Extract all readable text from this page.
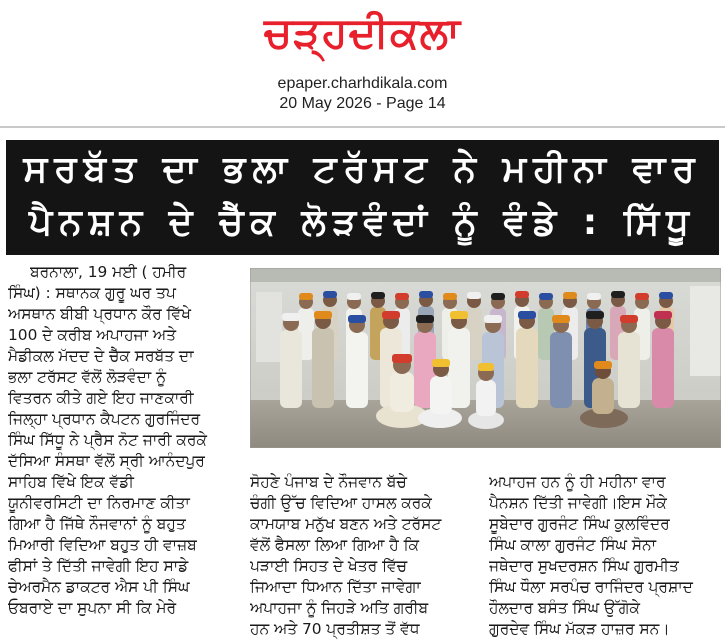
ਚੜ੍ਹਦੀਕਲਾ
epaper.charhdikala.com
20 May 2026 - Page 14
ਸਰਬੱਤ ਦਾ ਭਲਾ ਟਰੱਸਟ ਨੇ ਮਹੀਨਾ ਵਾਰ
ਪੈਨਸ਼ਨ ਦੇ ਚੈੱਕ ਲੋੜਵੰਦਾਂ ਨੂੰ ਵੰਡੇ : ਸਿੱਧੂ
ਬਰਨਾਲਾ, 19 ਮਈ ( ਹਮੀਰ
ਸਿੰਘ) : ਸਥਾਨਕ ਗੁਰੂ ਘਰ ਤਪ
ਅਸਥਾਨ ਬੀਬੀ ਪ੍ਰਧਾਨ ਕੌਰ ਵਿੱਖੇ
100 ਦੇ ਕਰੀਬ ਅਪਾਹਜਾ ਅਤੇ
ਮੈਡੀਕਲ ਮੱਦਦ ਦੇ ਚੈੱਕ ਸਰਬੱਤ ਦਾ
ਭਲਾ ਟਰੱਸਟ ਵੱਲੋਂ ਲੋੜਵੰਦਾ ਨੂੰ
ਵਿਤਰਨ ਕੀਤੇ ਗਏ ਇਹ ਜਾਣਕਾਰੀ
ਜਿਲ੍ਹਾ ਪ੍ਰਧਾਨ ਕੈਪਟਨ ਗੁਰਜਿੰਦਰ
ਸਿੰਘ ਸਿੱਧੂ ਨੇ ਪ੍ਰੈਸ ਨੋਟ ਜਾਰੀ ਕਰਕੇ
ਦੱਸਿਆ ਸੰਸਥਾ ਵੱਲੋਂ ਸ੍ਰੀ ਆਨੰਦਪੁਰ
ਸਾਹਿਬ ਵਿੱਖੇ ਇਕ ਵੱਡੀ
ਯੂਨੀਵਰਸਿਟੀ ਦਾ ਨਿਰਮਾਣ ਕੀਤਾ
ਗਿਆ ਹੈ ਜਿੱਥੇ ਨੌਜਵਾਨਾਂ ਨੂੰ ਬਹੁਤ
ਮਿਆਰੀ ਵਿਦਿਆ ਬਹੁਤ ਹੀ ਵਾਜ਼ਬ
ਫੀਸਾਂ ਤੇ ਦਿੱਤੀ ਜਾਵੇਗੀ ਇਹ ਸਾਡੇ
ਚੇਅਰਮੈਨ ਡਾਕਟਰ ਐਸ ਪੀ ਸਿੰਘ
ਓਬਰਾਏ ਦਾ ਸੁਪਨਾ ਸੀ ਕਿ ਮੇਰੇ
ਸੋਹਣੇ ਪੰਜਾਬ ਦੇ ਨੌਜਵਾਨ ਬੱਚੇ
ਚੰਗੀ ਉੱਚ ਵਿਦਿਆ ਹਾਸਲ ਕਰਕੇ
ਕਾਮਯਾਬ ਮਨੁੱਖ ਬਣਨ ਅਤੇ ਟਰੱਸਟ
ਵੱਲੋਂ ਫੈਸਲਾ ਲਿਆ ਗਿਆ ਹੈ ਕਿ
ਪੜਾਈ ਸਿਹਤ ਦੇ ਖੇਤਰ ਵਿੱਚ
ਜਿਆਦਾ ਧਿਆਨ ਦਿੱਤਾ ਜਾਵੇਗਾ
ਅਪਾਹਜਾ ਨੂੰ ਜਿਹੜੇ ਅਤਿ ਗਰੀਬ
ਹਨ ਅਤੇ 70 ਪ੍ਰਤੀਸ਼ਤ ਤੋਂ ਵੱਧ
ਅਪਾਹਜ ਹਨ ਨੂੰ ਹੀ ਮਹੀਨਾ ਵਾਰ
ਪੈਨਸ਼ਨ ਦਿੱਤੀ ਜਾਵੇਗੀ।ਇਸ ਮੌਕੇ
ਸੂਬੇਦਾਰ ਗੁਰਜੰਟ ਸਿੰਘ ਕੁਲਵਿੰਦਰ
ਸਿੰਘ ਕਾਲਾ ਗੁਰਜੰਟ ਸਿੰਘ ਸੋਨਾ
ਜਥੇਦਾਰ ਸੁਖਦਰਸ਼ਨ ਸਿੰਘ ਗੁਰਮੀਤ
ਸਿੰਘ ਧੌਲਾ ਸਰਪੰਚ ਰਾਜਿੰਦਰ ਪ੍ਰਸ਼ਾਦ
ਹੌਲਦਾਰ ਬਸੰਤ ਸਿੰਘ ਉੱਗੋਕੇ
ਗੁਰਦੇਵ ਸਿੰਘ ਮੱਕੜ ਹਾਜ਼ਰ ਸਨ।
